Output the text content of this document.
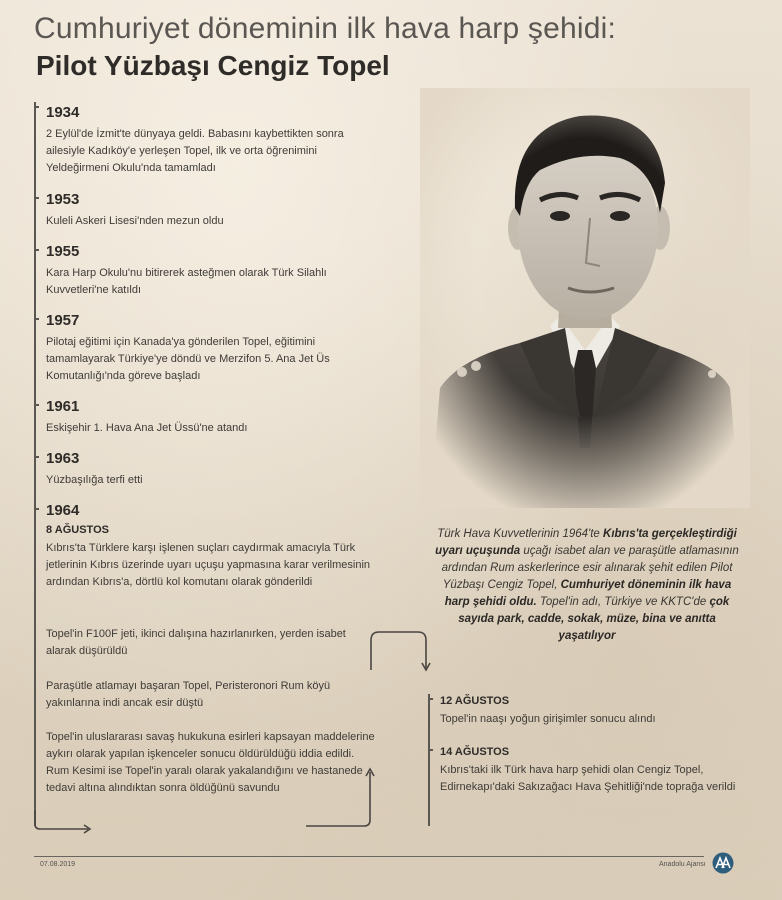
Cumhuriyet döneminin ilk hava harp şehidi:
Pilot Yüzbaşı Cengiz Topel
1934
2 Eylül'de İzmit'te dünyaya geldi. Babasını kaybettikten sonra ailesiyle Kadıköy'e yerleşen Topel, ilk ve orta öğrenimini Yeldeğirmeni Okulu'nda tamamladı
1953
Kuleli Askeri Lisesi'nden mezun oldu
1955
Kara Harp Okulu'nu bitirerek asteğmen olarak Türk Silahlı Kuvvetleri'ne katıldı
1957
Pilotaj eğitimi için Kanada'ya gönderilen Topel, eğitimini tamamlayarak Türkiye'ye döndü ve Merzifon 5. Ana Jet Üs Komutanlığı'nda göreve başladı
1961
Eskişehir 1. Hava Ana Jet Üssü'ne atandı
1963
Yüzbaşılığa terfi etti
1964
8 AĞUSTOS
Kıbrıs'ta Türklere karşı işlenen suçları caydırmak amacıyla Türk jetlerinin Kıbrıs üzerinde uyarı uçuşu yapmasına karar verilmesinin ardından Kıbrıs'a, dörtlü kol komutanı olarak gönderildi
Topel'in F100F jeti, ikinci dalışına hazırlanırken, yerden isabet alarak düşürüldü
Paraşütle atlamayı başaran Topel, Peristeronori Rum köyü yakınlarına indi ancak esir düştü
Topel'in uluslararası savaş hukukuna esirleri kapsayan maddelerine aykırı olarak yapılan işkenceler sonucu öldürüldüğü iddia edildi. Rum Kesimi ise Topel'in yaralı olarak yakalandığını ve hastanede tedavi altına alındıktan sonra öldüğünü savundu
Türk Hava Kuvvetlerinin 1964'te Kıbrıs'ta gerçekleştirdiği uyarı uçuşunda uçağı isabet alan ve paraşütle atlamasının ardından Rum askerlerince esir alınarak şehit edilen Pilot Yüzbaşı Cengiz Topel, Cumhuriyet döneminin ilk hava harp şehidi oldu. Topel'in adı, Türkiye ve KKTC'de çok sayıda park, cadde, sokak, müze, bina ve anıtta yaşatılıyor
12 AĞUSTOS
Topel'in naaşı yoğun girişimler sonucu alındı
14 AĞUSTOS
Kıbrıs'taki ilk Türk hava harp şehidi olan Cengiz Topel, Edirnekapı'daki Sakızağacı Hava Şehitliği'nde toprağa verildi
07.08.2019	Anadolu Ajansı
